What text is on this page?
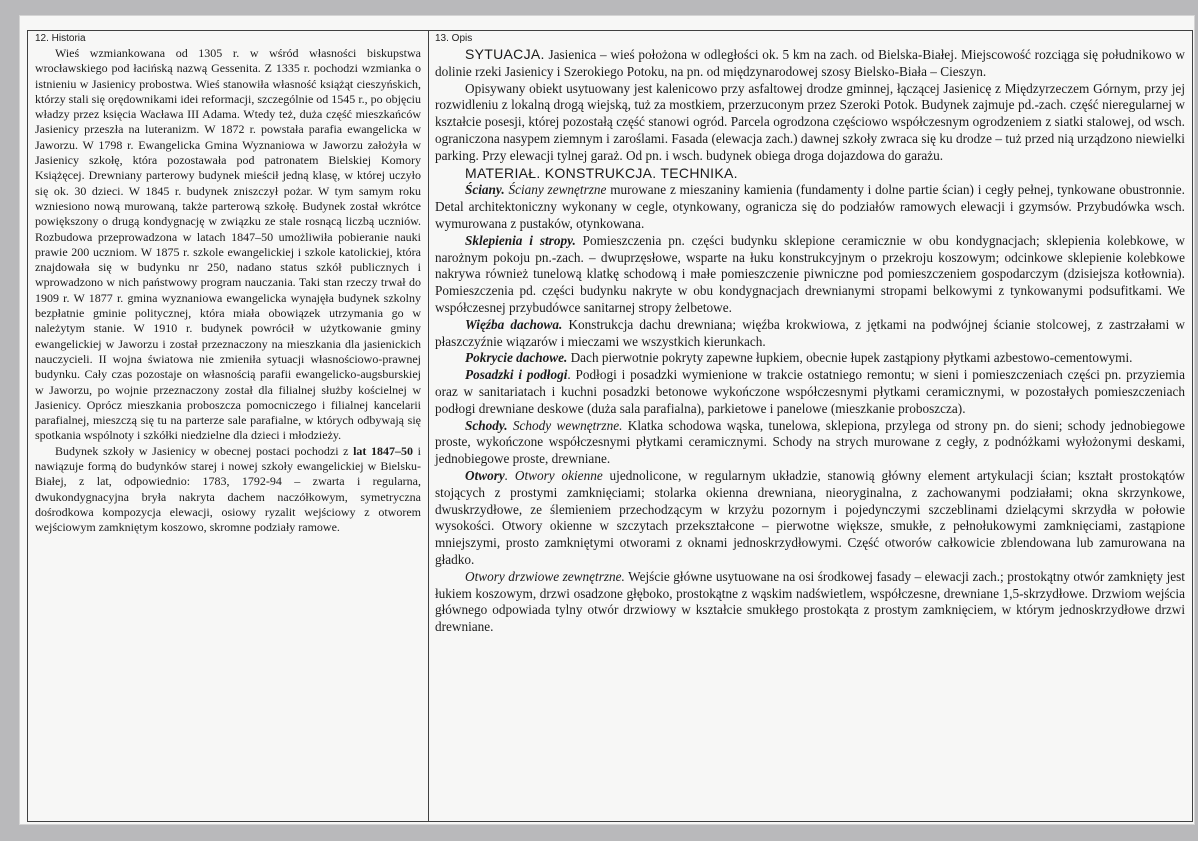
12. Historia

Wieś wzmiankowana od 1305 r. w wśród własności biskupstwa wrocławskiego pod łacińską nazwą Gessenita. Z 1335 r. pochodzi wzmianka o istnieniu w Jasienicy probostwa. Wieś stanowiła własność książąt cieszyńskich, którzy stali się orędownikami idei reformacji, szczególnie od 1545 r., po objęciu władzy przez księcia Wacława III Adama. Wtedy też, duża część mieszkańców Jasienicy przeszła na luteranizm. W 1872 r. powstała parafia ewangelicka w Jaworzu. W 1798 r. Ewangelicka Gmina Wyznaniowa w Jaworzu założyła w Jasienicy szkołę, która pozostawała pod patronatem Bielskiej Komory Książęcej. Drewniany parterowy budynek mieścił jedną klasę, w której uczyło się ok. 30 dzieci. W 1845 r. budynek zniszczył pożar. W tym samym roku wzniesiono nową murowaną, także parterową szkołę. Budynek został wkrótce powiększony o drugą kondygnację w związku ze stale rosnącą liczbą uczniów. Rozbudowa przeprowadzona w latach 1847–50 umożliwiła pobieranie nauki prawie 200 uczniom. W 1875 r. szkole ewangelickiej i szkole katolickiej, która znajdowała się w budynku nr 250, nadano status szkół publicznych i wprowadzono w nich państwowy program nauczania. Taki stan rzeczy trwał do 1909 r. W 1877 r. gmina wyznaniowa ewangelicka wynajęła budynek szkolny bezpłatnie gminie politycznej, która miała obowiązek utrzymania go w należytym stanie. W 1910 r. budynek powrócił w użytkowanie gminy ewangelickiej w Jaworzu i został przeznaczony na mieszkania dla jasienickich nauczycieli. II wojna światowa nie zmieniła sytuacji własnościowo-prawnej budynku. Cały czas pozostaje on własnością parafii ewangelicko-augsburskiej w Jaworzu, po wojnie przeznaczony został dla filialnej służby kościelnej w Jasienicy. Oprócz mieszkania proboszcza pomocniczego i filialnej kancelarii parafialnej, mieszczą się tu na parterze sale parafialne, w których odbywają się spotkania wspólnoty i szkółki niedzielne dla dzieci i młodzieży.

Budynek szkoły w Jasienicy w obecnej postaci pochodzi z lat 1847–50 i nawiązuje formą do budynków starej i nowej szkoły ewangelickiej w Bielsku-Białej, z lat, odpowiednio: 1783, 1792-94 – zwarta i regularna, dwukondygnacyjna bryła nakryta dachem naczółkowym, symetryczna dośrodkowa kompozycja elewacji, osiowy ryzalit wejściowy z otworem wejściowym zamkniętym koszowo, skromne podziały ramowe.

13. Opis

SYTUACJA. Jasienica – wieś położona w odległości ok. 5 km na zach. od Bielska-Białej. Miejscowość rozciąga się południkowo w dolinie rzeki Jasienicy i Szerokiego Potoku, na pn. od międzynarodowej szosy Bielsko-Biała – Cieszyn.

Opisywany obiekt usytuowany jest kalenicowo przy asfaltowej drodze gminnej, łączącej Jasienicę z Międzyrzeczem Górnym, przy jej rozwidleniu z lokalną drogą wiejską, tuż za mostkiem, przerzuconym przez Szeroki Potok. Budynek zajmuje pd.-zach. część nieregularnej w kształcie posesji, której pozostałą część stanowi ogród. Parcela ogrodzona częściowo współczesnym ogrodzeniem z siatki stalowej, od wsch. ograniczona nasypem ziemnym i zaroślami. Fasada (elewacja zach.) dawnej szkoły zwraca się ku drodze – tuż przed nią urządzono niewielki parking. Przy elewacji tylnej garaż. Od pn. i wsch. budynek obiega droga dojazdowa do garażu.

MATERIAŁ. KONSTRUKCJA. TECHNIKA.

Ściany. Ściany zewnętrzne murowane z mieszaniny kamienia (fundamenty i dolne partie ścian) i cegły pełnej, tynkowane obustronnie. Detal architektoniczny wykonany w cegle, otynkowany, ogranicza się do podziałów ramowych elewacji i gzymsów. Przybudówka wsch. wymurowana z pustaków, otynkowana.

Sklepienia i stropy. Pomieszczenia pn. części budynku sklepione ceramicznie w obu kondygnacjach; sklepienia kolebkowe, w narożnym pokoju pn.-zach. – dwuprzęsłowe, wsparte na łuku konstrukcyjnym o przekroju koszowym; odcinkowe sklepienie kolebkowe nakrywa również tunelową klatkę schodową i małe pomieszczenie piwniczne pod pomieszczeniem gospodarczym (dzisiejsza kotłownia). Pomieszczenia pd. części budynku nakryte w obu kondygnacjach drewnianymi stropami belkowymi z tynkowanymi podsufitkami. We współczesnej przybudówce sanitarnej stropy żelbetowe.

Więźba dachowa. Konstrukcja dachu drewniana; więźba krokwiowa, z jętkami na podwójnej ścianie stolcowej, z zastrzałami w płaszczyźnie wiązarów i mieczami we wszystkich kierunkach.

Pokrycie dachowe. Dach pierwotnie pokryty zapewne łupkiem, obecnie łupek zastąpiony płytkami azbestowo-cementowymi.

Posadzki i podłogi. Podłogi i posadzki wymienione w trakcie ostatniego remontu; w sieni i pomieszczeniach części pn. przyziemia oraz w sanitariatach i kuchni posadzki betonowe wykończone współczesnymi płytkami ceramicznymi, w pozostałych pomieszczeniach podłogi drewniane deskowe (duża sala parafialna), parkietowe i panelowe (mieszkanie proboszcza).

Schody. Schody wewnętrzne. Klatka schodowa wąska, tunelowa, sklepiona, przylega od strony pn. do sieni; schody jednobiegowe proste, wykończone współczesnymi płytkami ceramicznymi. Schody na strych murowane z cegły, z podnóżkami wyłożonymi deskami, jednobiegowe proste, drewniane.

Otwory. Otwory okienne ujednolicone, w regularnym układzie, stanowią główny element artykulacji ścian; kształt prostokątów stojących z prostymi zamknięciami; stolarka okienna drewniana, nieoryginalna, z zachowanymi podziałami; okna skrzynkowe, dwuskrzydłowe, ze ślemieniem przechodzącym w krzyżu pozornym i pojedynczymi szczeblinami dzielącymi skrzydła w połowie wysokości. Otwory okienne w szczytach przekształcone – pierwotne większe, smukłe, z pełnołukowymi zamknięciami, zastąpione mniejszymi, prosto zamkniętymi otworami z oknami jednoskrzydłowymi. Część otworów całkowicie zblendowana lub zamurowana na gładko.

Otwory drzwiowe zewnętrzne. Wejście główne usytuowane na osi środkowej fasady – elewacji zach.; prostokątny otwór zamknięty jest łukiem koszowym, drzwi osadzone głęboko, prostokątne z wąskim nadświetlem, współczesne, drewniane 1,5-skrzydłowe. Drzwiom wejścia głównego odpowiada tylny otwór drzwiowy w kształcie smukłego prostokąta z prostym zamknięciem, w którym jednoskrzydłowe drzwi drewniane.
